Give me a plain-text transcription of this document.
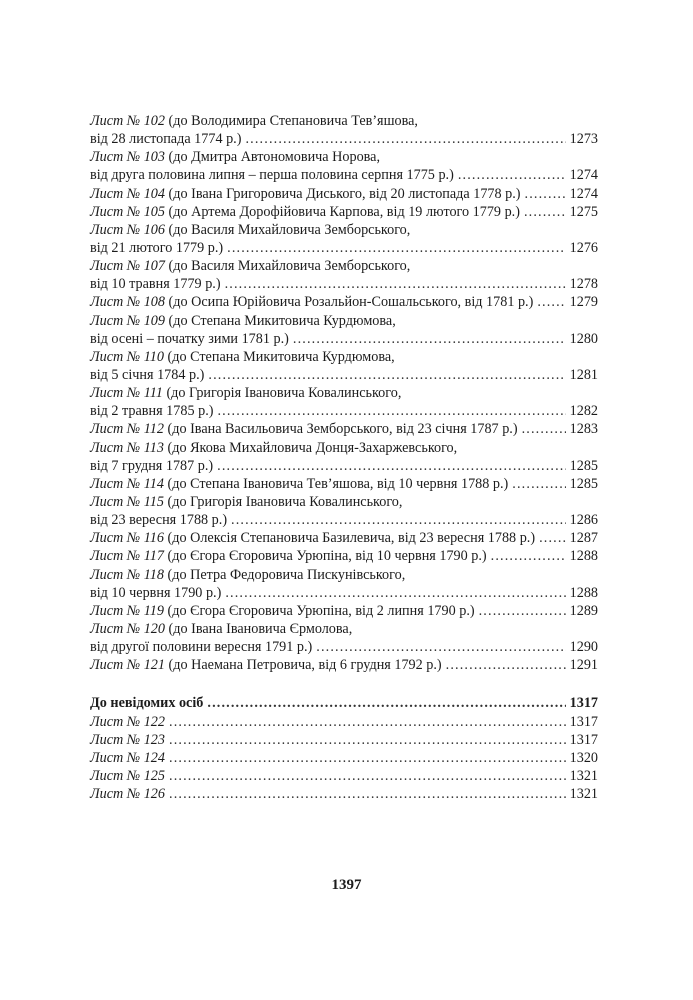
Лист № 102 (до Володимира Степановича Тев’яшова,
від 28 листопада 1774 р.) . . .	1273
Лист № 103 (до Дмитра Автономовича Норова,
від друга половина липня – перша половина серпня 1775 р.) . . .	1274
Лист № 104 (до Івана Григоровича Диського, від 20 листопада 1778 р.) . . .	1274
Лист № 105 (до Артема Дорофійовича Карпова, від 19 лютого 1779 р.) . . .	1275
Лист № 106 (до Василя Михайловича Земборського,
від 21 лютого 1779 р.) . . .	1276
Лист № 107 (до Василя Михайловича Земборського,
від 10 травня 1779 р.) . . .	1278
Лист № 108 (до Осипа Юрійовича Розальйон-Сошальського, від 1781 р.) . . .	1279
Лист № 109 (до Степана Микитовича Курдюмова,
від осені – початку зими 1781 р.) . . .	1280
Лист № 110 (до Степана Микитовича Курдюмова,
від 5 січня 1784 р.) . . .	1281
Лист № 111 (до Григорія Івановича Ковалинського,
від 2 травня 1785 р.) . . .	1282
Лист № 112 (до Івана Васильовича Земборського, від 23 січня 1787 р.) . . .	1283
Лист № 113 (до Якова Михайловича Донця-Захаржевського,
від 7 грудня 1787 р.) . . .	1285
Лист № 114 (до Степана Івановича Тев’яшова, від 10 червня 1788 р.) . . .	1285
Лист № 115 (до Григорія Івановича Ковалинського,
від 23 вересня 1788 р.) . . .	1286
Лист № 116 (до Олексія Степановича Базилевича, від 23 вересня 1788 р.) . . . 1287
Лист № 117 (до Єгора Єгоровича Урюпіна, від 10 червня 1790 р.) . . .	1288
Лист № 118 (до Петра Федоровича Пискунівського,
від 10 червня 1790 р.) . . .	1288
Лист № 119 (до Єгора Єгоровича Урюпіна, від 2 липня 1790 р.) . . .	1289
Лист № 120 (до Івана Івановича Єрмолова,
від другої половини вересня 1791 р.) . . .	1290
Лист № 121 (до Наемана Петровича, від 6 грудня 1792 р.) . . .	1291
До невідомих осіб . . .	1317
Лист № 122 . . .	1317
Лист № 123 . . .	1317
Лист № 124 . . .	1320
Лист № 125 . . .	1321
Лист № 126 . . .	1321
1397
